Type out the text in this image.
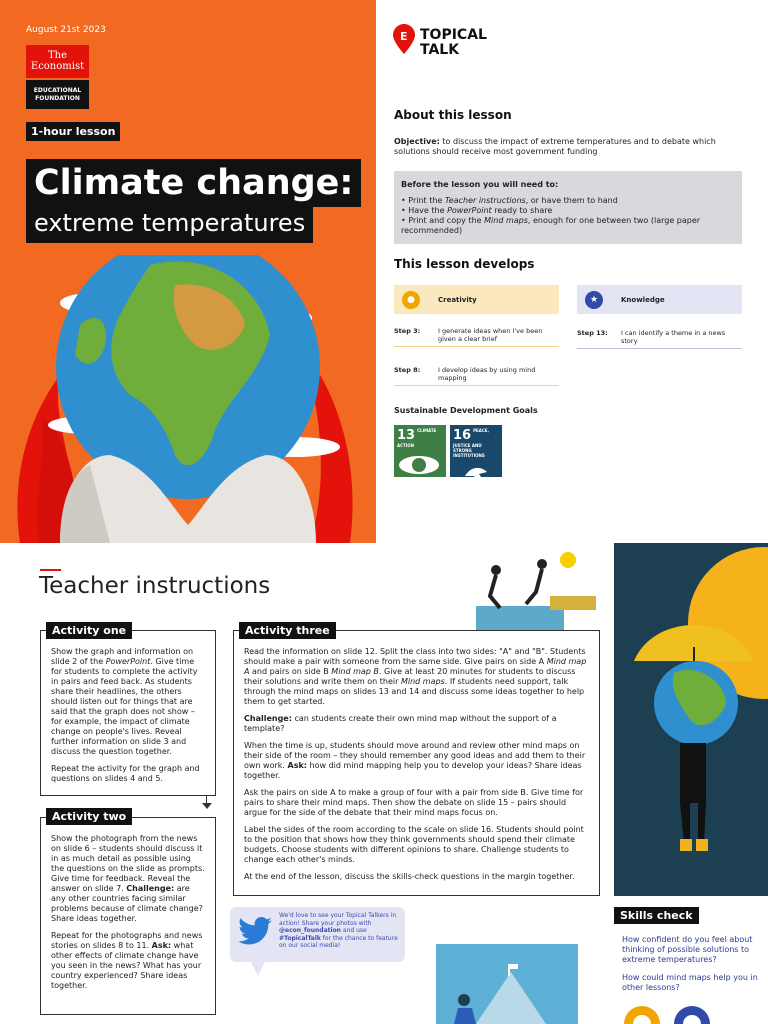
August 21st 2023
The
Economist
EDUCATIONAL
FOUNDATION
1-hour lesson
Climate change:
extreme temperatures
E TOPICAL
TALK
About this lesson
Objective: to discuss the impact of extreme temperatures and to debate which solutions should receive most government funding
Before the lesson you will need to:
• Print the Teacher instructions, or have them to hand
• Have the PowerPoint ready to share
• Print and copy the Mind maps, enough for one between two (large paper recommended)
This lesson develops
●	Creativity	★	Knowledge
Step 3:	I generate ideas when I've been given a clear brief
Step 8:	I develop ideas by using mind mapping
Step 13:	I can identify a theme in a news story
Sustainable Development Goals
13 CLIMATE ACTION
16 PEACE, JUSTICE AND STRONG INSTITUTIONS
Teacher instructions

Show the graph and information on slide 2 of the PowerPoint. Give time for students to complete the activity in pairs and feed back. As students share their headlines, the others should listen out for things that are said that the graph does not show – for example, the impact of climate change on people's lives. Reveal further information on slide 3 and discuss the question together.

Repeat the activity for the graph and questions on slides 4 and 5.

Activity one

Show the photograph from the news on slide 6 – students should discuss it in as much detail as possible using the questions on the slide as prompts. Give time for feedback. Reveal the answer on slide 7. Challenge: are any other countries facing similar problems because of climate change? Share ideas together.

Repeat for the photographs and news stories on slides 8 to 11. Ask: what other effects of climate change have you seen in the news? What has your country experienced? Share ideas together.

Activity two

Read the information on slide 12. Split the class into two sides: "A" and "B". Students should make a pair with someone from the same side. Give pairs on side A Mind map A and pairs on side B Mind map B. Give at least 20 minutes for students to discuss their solutions and write them on their Mind maps. If students need support, talk through the mind maps on slides 13 and 14 and discuss some ideas together to help them to get started.

Challenge: can students create their own mind map without the support of a template?

When the time is up, students should move around and review other mind maps on their side of the room – they should remember any good ideas and add them to their own work. Ask: how did mind mapping help you to develop your ideas? Share ideas together.

Ask the pairs on side A to make a group of four with a pair from side B. Give time for pairs to share their mind maps. Then show the debate on slide 15 – pairs should argue for the side of the debate that their mind maps focus on.

Label the sides of the room according to the scale on slide 16. Students should point to the position that shows how they think governments should spend their climate budgets. Choose students with different opinions to share. Challenge students to change each other's minds.

At the end of the lesson, discuss the skills-check questions in the margin together.

Activity three
We'd love to see your Topical Talkers in action! Share your photos with @econ_foundation and use #TopicalTalk for the chance to feature on our social media!
Skills check
How confident do you feel about thinking of possible solutions to extreme temperatures?
How could mind maps help you in other lessons?
